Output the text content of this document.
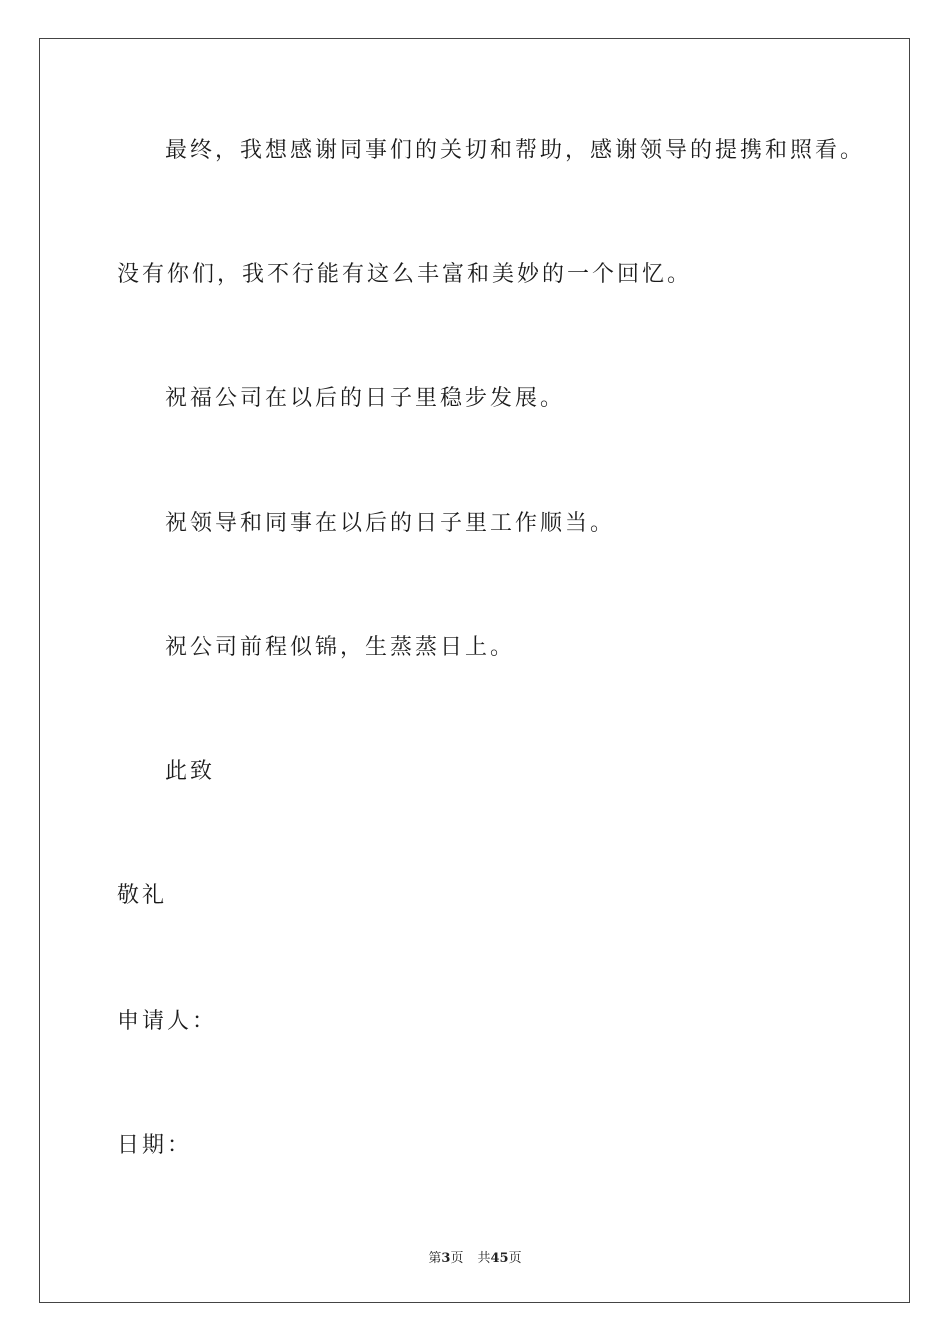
最终，我想感谢同事们的关切和帮助，感谢领导的提携和照看。
没有你们，我不行能有这么丰富和美妙的一个回忆。
祝福公司在以后的日子里稳步发展。
祝领导和同事在以后的日子里工作顺当。
祝公司前程似锦，生蒸蒸日上。
此致
敬礼
申请人：
日期：
第3页 共45页
